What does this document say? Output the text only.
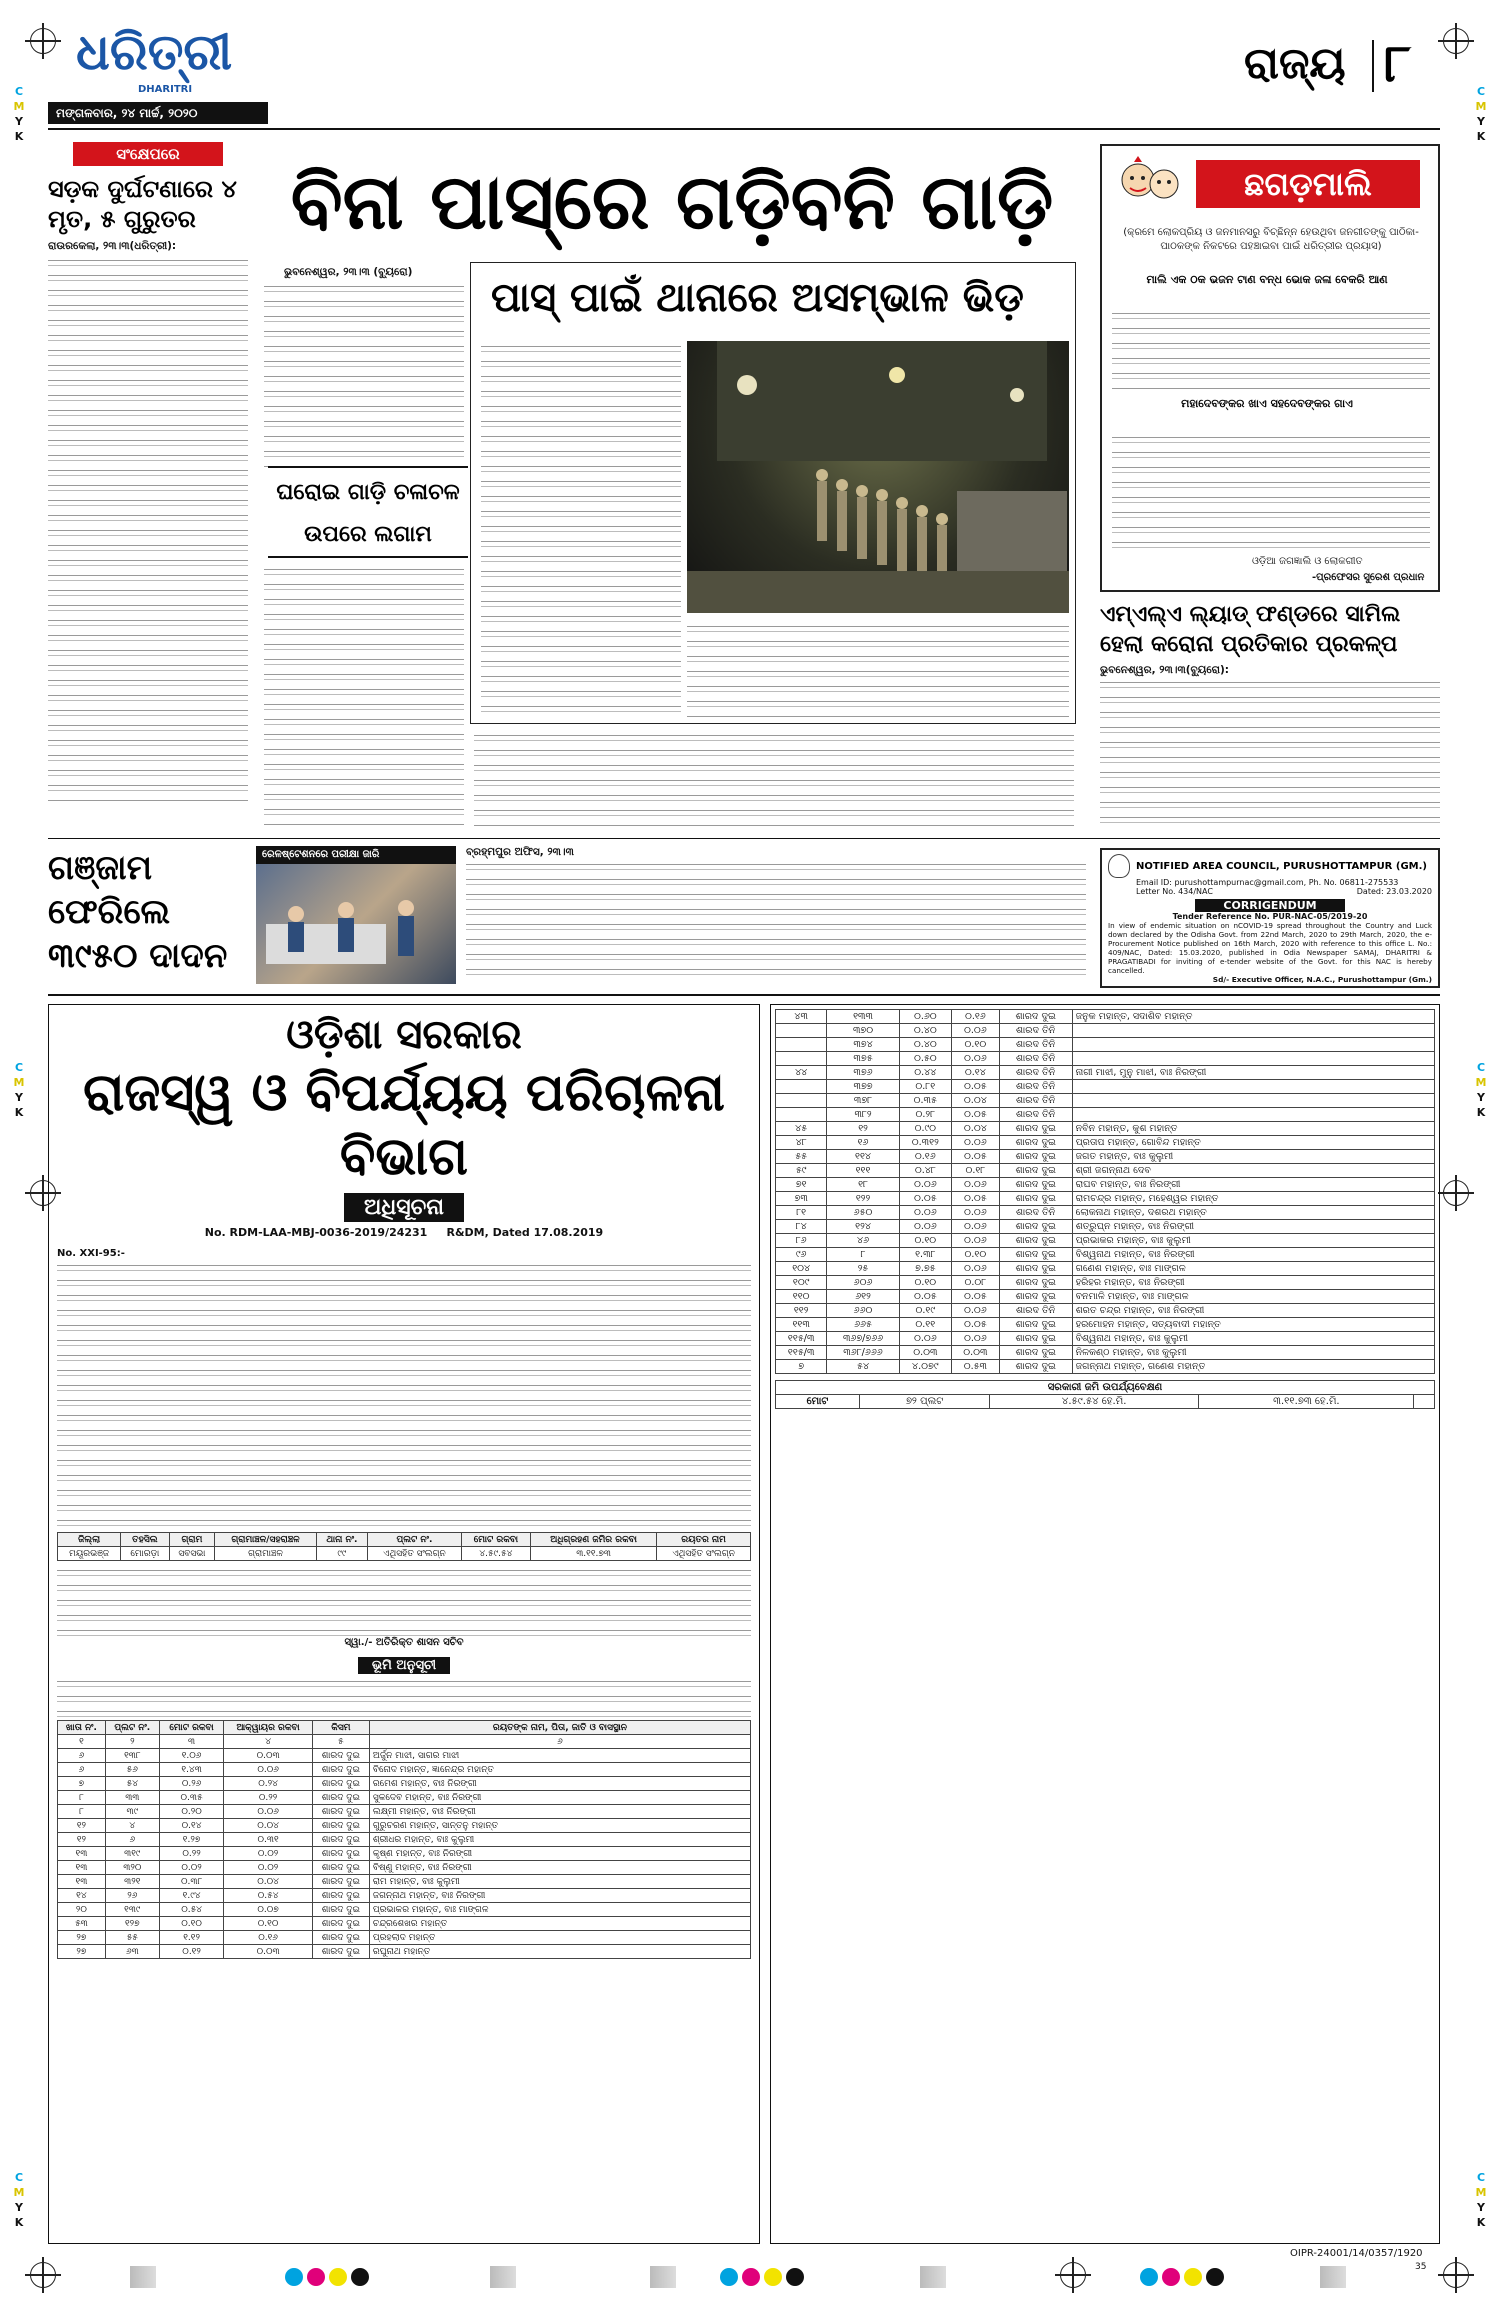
C
M
Y
K
C
M
Y
K
C
M
Y
K
C
M
Y
K
C
M
Y
K
C
M
Y
K
ଧରିତ୍ରୀ
DHARITRI
ମଙ୍ଗଳବାର, ୨୪ ମାର୍ଚ୍ଚ, ୨୦୨୦
ରାଜ୍ୟ ୮
ସଂକ୍ଷେପରେ
ସଡ଼କ ଦୁର୍ଘଟଣାରେ ୪ ମୃତ, ୫ ଗୁରୁତର
ରାଉରକେଲା, ୨୩।୩(ଧରିତ୍ରୀ):	ବିନା ପାସ୍‌ରେ ଗଡ଼ିବନି ଗାଡ଼ି
ଭୁବନେଶ୍ୱର, ୨୩।୩ (ବ୍ୟୁରୋ)
ଘରୋଇ ଗାଡ଼ି ଚଳାଚଳ ଉପରେ ଲଗାମ
ପାସ୍ ପାଇଁ ଥାନାରେ ଅସମ୍ଭାଳ ଭିଡ଼
ଛଗଡ଼ମାଲି
(କ୍ରମେ ଲୋକପ୍ରିୟ ଓ ଜନମାନସରୁ ବିଚ୍ଛିନ୍ନ ହେଉଥିବା ଜନଗୀତଙ୍କୁ ପାଠିକା-ପାଠକଙ୍କ ନିକଟରେ ପହଞ୍ଚାଇବା ପାଇଁ ଧରିତ୍ରୀର ପ୍ରୟାସ)
ମାଲି ଏକ ଠକ ଭଜନ ଟାଣ ବନ୍ଧ ଭୋକ ଜଳା ବେକରି ଆଣ
ମହାଦେବଙ୍କର ଖାଏ ସହଦେବଙ୍କର ଗାଏ
ଓଡ଼ିଆ ଜଗଜ୍ଞାଲି ଓ ଲୋକଗୀତ
-ପ୍ରଫେସର ସୁରେଶ ପ୍ରଧାନ
ଏମ୍‌ଏଲ୍‌ଏ ଲ୍ୟାଡ୍ ଫଣ୍ଡରେ ସାମିଲ ହେଲା କରୋନା ପ୍ରତିକାର ପ୍ରକଳ୍ପ
ଭୁବନେଶ୍ୱର, ୨୩।୩(ବ୍ୟୁରୋ):
ଗଞ୍ଜାମ ଫେରିଲେ ୩୯୫୦ ଦାଦନ
ରେଳଷ୍ଟେଶନରେ ପରୀକ୍ଷା ଜାରି	ବ୍ରହ୍ମପୁର ଅଫିସ, ୨୩।୩
NOTIFIED AREA COUNCIL, PURUSHOTTAMPUR (GM.)
Email ID: purushottampurnac@gmail.com, Ph. No. 06811-275533
Letter No. 434/NAC	Dated: 23.03.2020
CORRIGENDUM
Tender Reference No. PUR-NAC-05/2019-20
In view of endemic situation on nCOVID-19 spread throughout the Country and Luck down declared by the Odisha Govt. from 22nd March, 2020 to 29th March, 2020, the e-Procurement Notice published on 16th March, 2020 with reference to this office L. No.: 409/NAC, Dated: 15.03.2020, published in Odia Newspaper SAMAJ, DHARITRI & PRAGATIBADI for inviting of e-tender website of the Govt. for this NAC is hereby cancelled.
Sd/- Executive Officer, N.A.C., Purushottampur (Gm.)
ଓଡ଼ିଶା ସରକାର
ରାଜସ୍ୱ ଓ ବିପର୍ଯ୍ୟୟ ପରିଚାଳନା ବିଭାଗ
ଅଧିସୂଚନା
No. RDM-LAA-MBJ-0036-2019/24231     R&DM, Dated 17.08.2019
No. XXI-95:-
ଜିଲ୍ଲା	ତହସିଲ	ଗ୍ରାମ	ଗ୍ରାମାଞ୍ଚଳ/ସହରାଞ୍ଚଳ	ଥାନା ନଂ.	ପ୍ଲଟ ନଂ.	ମୋଟ ରକବା	ଅଧିଗ୍ରହଣ ଜମିର ରକବା	ରୟତର ନାମ
ମୟୂରଭଞ୍ଜ	ମୋରଡ଼ା	ସବସଭା	ଗ୍ରାମାଞ୍ଚଳ	୯୯	ଏଥିସହିତ ସଂଲଗ୍ନ	୪.୫୯.୫୪	୩.୧୧.୭୩	ଏଥିସହିତ ସଂଲଗ୍ନ
ସ୍ୱା./- ଅତିରିକ୍ତ ଶାସନ ସଚିବ
ଭୂମି ଅନୁସୂଚୀ
ଖାତା ନଂ.	ପ୍ଲଟ ନଂ.	ମୋଟ ରକବା	ଆକ୍ୱାୟର ରକବା	କିସମ	ରୟତଙ୍କ ନାମ, ପିତା, ଜାତି ଓ ବାସସ୍ଥାନ
୧	୨	୩	୪	୫	୬
୬	୧୩୮	୧.୦୬	୦.୦୩	ଶାରଦ ଦୁଇ	ଅର୍ଜୁନ ମାଝୀ, ସାଗର ମାଝୀ
୬	୫୬	୧.୪୩	୦.୦୬	ଶାରଦ ଦୁଇ	ବିନୋଦ ମହାନ୍ତ, ଜ୍ଞାନେନ୍ଦ୍ର ମହାନ୍ତ
୭	୫୪	୦.୨୬	୦.୨୪	ଶାରଦ ଦୁଇ	ରମେଶ ମହାନ୍ତ, ବାଃ ନିରଙ୍ଗୀ
୮	୩୩	୦.୩୫	୦.୨୨	ଶାରଦ ଦୁଇ	ସୁକଦେବ ମହାନ୍ତ, ବାଃ ନିରଙ୍ଗୀ
୮	୩୯	୦.୨୦	୦.୦୬	ଶାରଦ ଦୁଇ	ଲକ୍ଷ୍ମୀ ମହାନ୍ତ, ବାଃ ନିରଙ୍ଗୀ
୧୨	୪	୦.୧୪	୦.୦୪	ଶାରଦ ଦୁଇ	ଗୁରୁଚରଣ ମହାନ୍ତ, ସାନ୍ତନୁ ମହାନ୍ତ
୧୨	୬	୧.୨୭	୦.୩୧	ଶାରଦ ଦୁଇ	ଶ୍ରୀଧର ମହାନ୍ତ, ବାଃ କୁଲୁମୀ
୧୩	୩୧୯	୦.୨୨	୦.୦୨	ଶାରଦ ଦୁଇ	କୃଷ୍ଣ ମହାନ୍ତ, ବାଃ ନିରଙ୍ଗୀ
୧୩	୩୨୦	୦.୦୨	୦.୦୨	ଶାରଦ ଦୁଇ	ବିଷ୍ଣୁ ମହାନ୍ତ, ବାଃ ନିରଙ୍ଗୀ
୧୩	୩୨୧	୦.୩୮	୦.୦୪	ଶାରଦ ଦୁଇ	ରାମ ମହାନ୍ତ, ବାଃ କୁଲୁମୀ
୧୪	୨୬	୧.୯୪	୦.୫୪	ଶାରଦ ଦୁଇ	ଜଗନ୍ନାଥ ମହାନ୍ତ, ବାଃ ନିରଙ୍ଗୀ
୨୦	୧୩୯	୦.୫୪	୦.୦୭	ଶାରଦ ଦୁଇ	ପ୍ରଭାକର ମହାନ୍ତ, ବାଃ ମାଙ୍ଗଳ
୫୩	୧୨୭	୦.୧୦	୦.୧୦	ଶାରଦ ଦୁଇ	ଚନ୍ଦ୍ରଶେଖର ମହାନ୍ତ
୨୭	୫୫	୧.୧୨	୦.୧୬	ଶାରଦ ଦୁଇ	ପ୍ରହଲାଦ ମହାନ୍ତ
୨୭	୬୩	୦.୧୨	୦.୦୩	ଶାରଦ ଦୁଇ	ରଘୁନାଥ ମହାନ୍ତ
୪୩	୧୩୩	୦.୬୦	୦.୧୬	ଶାରଦ ଦୁଇ	ଜନୁକ ମହାନ୍ତ, ସଦାଶିବ ମହାନ୍ତ
	୩୭୦	୦.୪୦	୦.୦୬	ଶାରଦ ତିନି	
	୩୭୪	୦.୪୦	୦.୧୦	ଶାରଦ ତିନି	
	୩୭୫	୦.୫୦	୦.୦୬	ଶାରଦ ତିନି	
୪୪	୩୭୬	୦.୪୪	୦.୧୪	ଶାରଦ ତିନି	ନାଗୀ ମାଝୀ, ମୁନୁ ମାଝୀ, ବାଃ ନିରଙ୍ଗୀ
	୩୭୭	୦.୮୧	୦.୦୫	ଶାରଦ ତିନି	
	୩୭୮	୦.୩୫	୦.୦୪	ଶାରଦ ତିନି	
	୩୮୨	୦.୨୮	୦.୦୫	ଶାରଦ ତିନି	
୪୫	୧୨	୦.୯୦	୦.୦୪	ଶାରଦ ଦୁଇ	ନବିନ ମହାନ୍ତ, କୁଶ ମହାନ୍ତ
୪୮	୧୬	୦.୩୧୨	୦.୦୬	ଶାରଦ ଦୁଇ	ପ୍ରତାପ ମହାନ୍ତ, ଗୋବିନ୍ଦ ମହାନ୍ତ
୫୫	୧୧୪	୦.୧୬	୦.୦୫	ଶାରଦ ଦୁଇ	ଜଗତ ମହାନ୍ତ, ବାଃ କୁଲୁମୀ
୫୯	୧୧୧	୦.୪୮	୦.୧୮	ଶାରଦ ଦୁଇ	ଶ୍ରୀ ଜଗନ୍ନାଥ ଦେବ
୭୧	୧୮	୦.୦୬	୦.୦୬	ଶାରଦ ଦୁଇ	ରାଘବ ମହାନ୍ତ, ବାଃ ନିରଙ୍ଗୀ
୭୩	୧୨୨	୦.୦୫	୦.୦୫	ଶାରଦ ଦୁଇ	ରାମଚନ୍ଦ୍ର ମହାନ୍ତ, ମହେଶ୍ୱର ମହାନ୍ତ
୮୧	୬୫୦	୦.୦୬	୦.୦୬	ଶାରଦ ତିନି	ଲୋକନାଥ ମହାନ୍ତ, ଦଶରଥ ମହାନ୍ତ
୮୪	୧୨୪	୦.୦୬	୦.୦୬	ଶାରଦ ଦୁଇ	ଶତ୍ରୁଘ୍ନ ମହାନ୍ତ, ବାଃ ନିରଙ୍ଗୀ
୮୬	୪୬	୦.୧୦	୦.୦୬	ଶାରଦ ଦୁଇ	ପ୍ରଭାକର ମହାନ୍ତ, ବାଃ କୁଲୁମୀ
୯୬	୮	୧.୩୮	୦.୧୦	ଶାରଦ ଦୁଇ	ବିଶ୍ୱନାଥ ମହାନ୍ତ, ବାଃ ନିରଙ୍ଗୀ
୧୦୪	୨୫	୭.୭୫	୦.୦୬	ଶାରଦ ଦୁଇ	ଗଣେଶ ମହାନ୍ତ, ବାଃ ମାଙ୍ଗଳ
୧୦୯	୬୦୬	୦.୧୦	୦.୦୮	ଶାରଦ ଦୁଇ	ହରିହର ମହାନ୍ତ, ବାଃ ନିରଙ୍ଗୀ
୧୧୦	୬୧୨	୦.୦୫	୦.୦୫	ଶାରଦ ଦୁଇ	ବନମାଳି ମହାନ୍ତ, ବାଃ ମାଙ୍ଗଳ
୧୧୨	୬୬୦	୦.୧୯	୦.୦୬	ଶାରଦ ତିନି	ଶରତ ଚନ୍ଦ୍ର ମହାନ୍ତ, ବାଃ ନିରଙ୍ଗୀ
୧୧୩	୬୬୫	୦.୧୧	୦.୦୫	ଶାରଦ ଦୁଇ	ହରମୋହନ ମହାନ୍ତ, ସତ୍ୟବାଦୀ ମହାନ୍ତ
୧୧୫/୩	୩୬୭/୭୬୬	୦.୦୬	୦.୦୬	ଶାରଦ ଦୁଇ	ବିଶ୍ୱନାଥ ମହାନ୍ତ, ବାଃ କୁଲୁମୀ
୧୧୫/୩	୩୬୮/୬୬୬	୦.୦୩	୦.୦୩	ଶାରଦ ଦୁଇ	ନିଳକଣ୍ଠ ମହାନ୍ତ, ବାଃ କୁଲୁମୀ
୭	୫୪	୪.୦୭୯	୦.୫୩	ଶାରଦ ଦୁଇ	ଜଗନ୍ନାଥ ମହାନ୍ତ, ଗଣେଶ ମହାନ୍ତ
ସରକାରୀ ଜମି ଉପର୍ଯ୍ୟବେକ୍ଷଣ
ମୋଟ	୭୨ ପ୍ଲଟ	୪.୫୯.୫୪ ହେ.ମି.	୩.୧୧.୭୩ ହେ.ମି.	
OIPR-24001/14/0357/1920
35
